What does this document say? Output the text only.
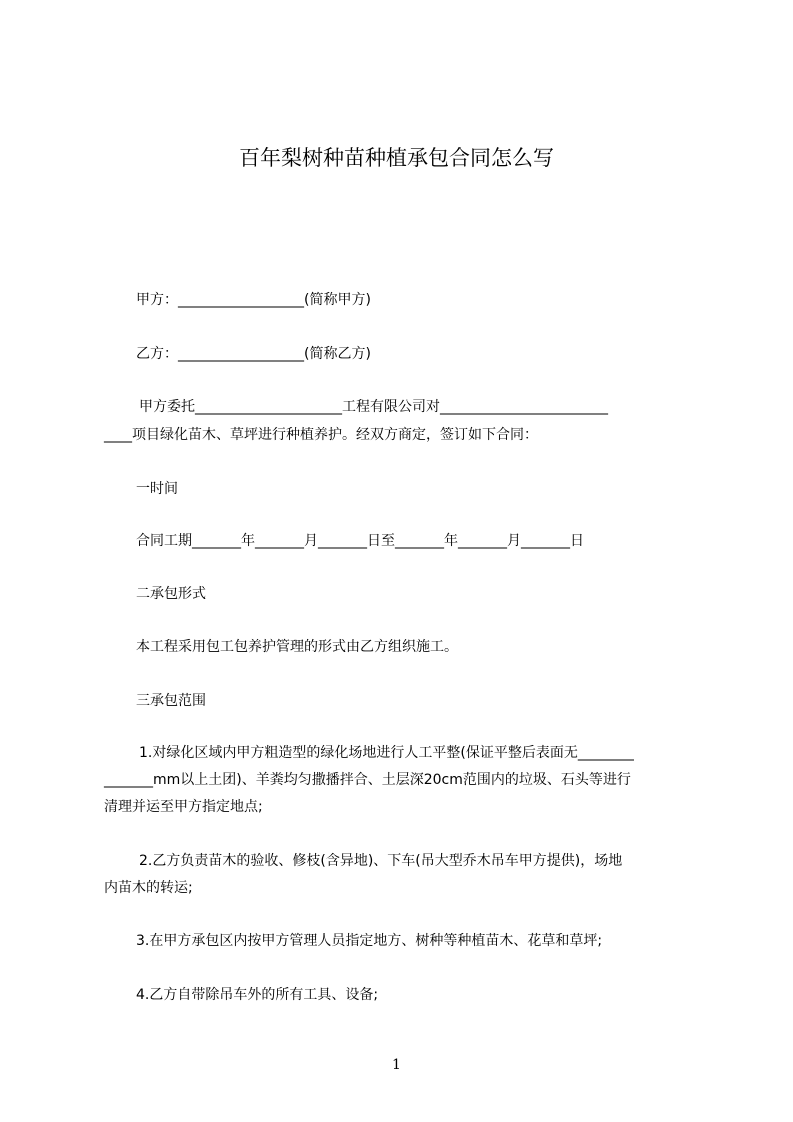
百年梨树种苗种植承包合同怎么写
甲方：__________________(简称甲方)
乙方：__________________(简称乙方)
甲方委托_____________________工程有限公司对________________________
____项目绿化苗木、草坪进行种植养护。经双方商定，签订如下合同：
一时间
合同工期_______年_______月_______日至_______年_______月_______日
二承包形式
本工程采用包工包养护管理的形式由乙方组织施工。
三承包范围
1.对绿化区域内甲方粗造型的绿化场地进行人工平整(保证平整后表面无________
_______mm以上土团)、羊粪均匀撒播拌合、土层深20cm范围内的垃圾、石头等进行
清理并运至甲方指定地点;
2.乙方负责苗木的验收、修枝(含异地)、下车(吊大型乔木吊车甲方提供)，场地
内苗木的转运;
3.在甲方承包区内按甲方管理人员指定地方、树种等种植苗木、花草和草坪;
4.乙方自带除吊车外的所有工具、设备;
1
